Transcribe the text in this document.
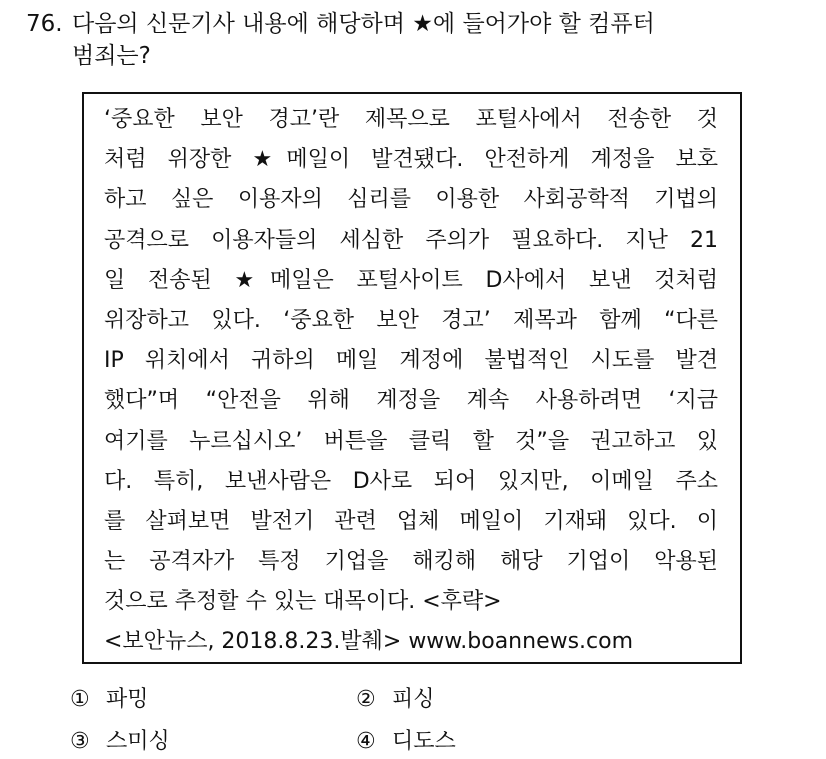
76. 다음의 신문기사 내용에 해당하며 ★에 들어가야 할 컴퓨터
범죄는?
‘중요한 보안 경고’란 제목으로 포털사에서 전송한 것
처럼 위장한 ★메일이 발견됐다. 안전하게 계정을 보호
하고 싶은 이용자의 심리를 이용한 사회공학적 기법의
공격으로 이용자들의 세심한 주의가 필요하다. 지난 21
일 전송된 ★메일은 포털사이트 D사에서 보낸 것처럼
위장하고 있다. ‘중요한 보안 경고’ 제목과 함께 “다른
IP 위치에서 귀하의 메일 계정에 불법적인 시도를 발견
했다”며 “안전을 위해 계정을 계속 사용하려면 ‘지금
여기를 누르십시오’ 버튼을 클릭 할 것”을 권고하고 있
다. 특히, 보낸사람은 D사로 되어 있지만, 이메일 주소
를 살펴보면 발전기 관련 업체 메일이 기재돼 있다. 이
는 공격자가 특정 기업을 해킹해 해당 기업이 악용된
것으로 추정할 수 있는 대목이다. <후략>
<보안뉴스, 2018.8.23.발췌> www.boannews.com
① 파밍	② 피싱
③ 스미싱	④ 디도스
